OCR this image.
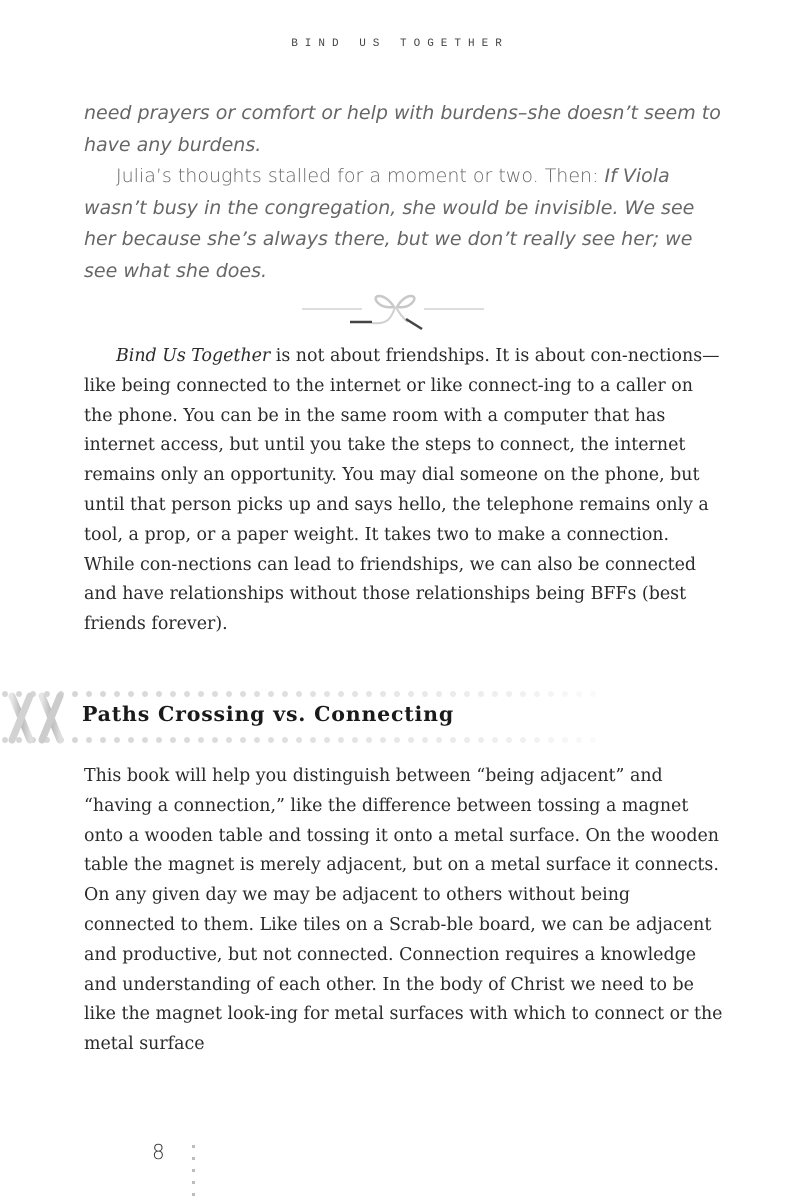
BIND US TOGETHER

need prayers or comfort or help with burdens–she doesn’t seem to have any burdens.

Julia’s thoughts stalled for a moment or two. Then: If Viola wasn’t busy in the congregation, she would be invisible. We see her because she’s always there, but we don’t really see her; we see what she does.

Bind Us Together is not about friendships. It is about con-nections—like being connected to the internet or like connect-ing to a caller on the phone. You can be in the same room with a computer that has internet access, but until you take the steps to connect, the internet remains only an opportunity. You may dial someone on the phone, but until that person picks up and says hello, the telephone remains only a tool, a prop, or a paper weight. It takes two to make a connection. While con-nections can lead to friendships, we can also be connected and have relationships without those relationships being BFFs (best friends forever).

Paths Crossing vs. Connecting

This book will help you distinguish between “being adjacent” and “having a connection,” like the difference between tossing a magnet onto a wooden table and tossing it onto a metal surface. On the wooden table the magnet is merely adjacent, but on a metal surface it connects. On any given day we may be adjacent to others without being connected to them. Like tiles on a Scrab-ble board, we can be adjacent and productive, but not connected. Connection requires a knowledge and understanding of each other. In the body of Christ we need to be like the magnet look-ing for metal surfaces with which to connect or the metal surface

8
